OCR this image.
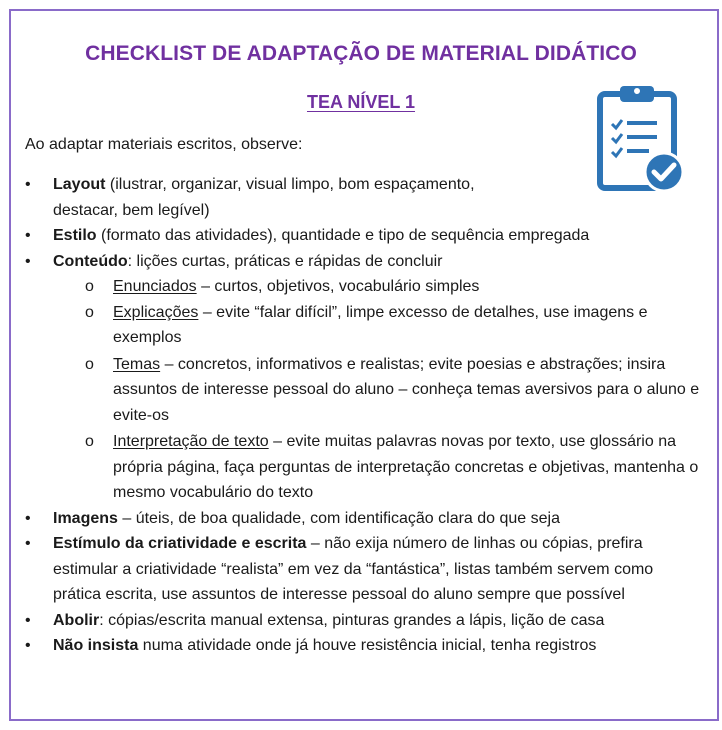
CHECKLIST DE ADAPTAÇÃO DE MATERIAL DIDÁTICO
TEA NÍVEL 1
Ao adaptar materiais escritos, observe:
• Layout (ilustrar, organizar, visual limpo, bom espaçamento,
destacar, bem legível)
• Estilo (formato das atividades), quantidade e tipo de sequência empregada
• Conteúdo: lições curtas, práticas e rápidas de concluir
o Enunciados – curtos, objetivos, vocabulário simples
o Explicações – evite “falar difícil”, limpe excesso de detalhes, use imagens e exemplos
o Temas – concretos, informativos e realistas; evite poesias e abstrações; insira assuntos de interesse pessoal do aluno – conheça temas aversivos para o aluno e evite-os
o Interpretação de texto – evite muitas palavras novas por texto, use glossário na própria página, faça perguntas de interpretação concretas e objetivas, mantenha o mesmo vocabulário do texto
• Imagens – úteis, de boa qualidade, com identificação clara do que seja
• Estímulo da criatividade e escrita – não exija número de linhas ou cópias, prefira estimular a criatividade “realista” em vez da “fantástica”, listas também servem como prática escrita, use assuntos de interesse pessoal do aluno sempre que possível
• Abolir: cópias/escrita manual extensa, pinturas grandes a lápis, lição de casa
• Não insista numa atividade onde já houve resistência inicial, tenha registros
